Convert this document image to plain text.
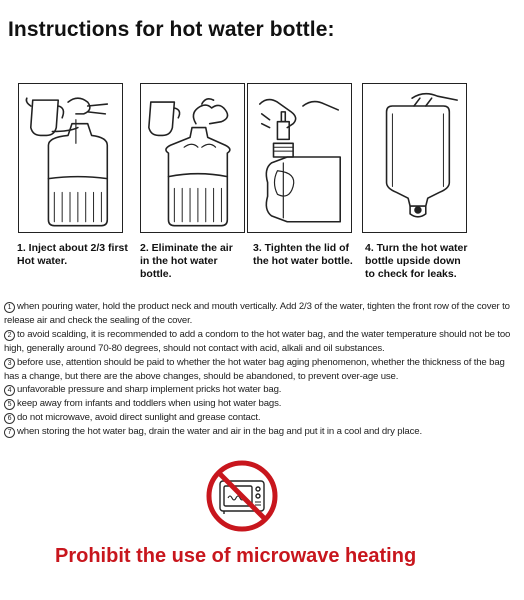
Instructions for hot water bottle:
1. Inject about 2/3 first
Hot water.
2. Eliminate the air
in the hot water
bottle.
3. Tighten the lid of
the hot water bottle.
4. Turn the hot water
bottle upside down
to check for leaks.
1 when pouring water, hold the product neck and mouth vertically. Add 2/3 of the water, tighten the front row of the cover to release air and check the sealing of the cover.
2 to avoid scalding, it is recommended to add a condom to the hot water bag, and the water temperature should not be too high, generally around 70-80 degrees, should not contact with acid, alkali and oil substances.
3 before use, attention should be paid to whether the hot water bag aging phenomenon, whether the thickness of the bag has a change, but there are the above changes, should be abandoned, to prevent over-age use.
4 unfavorable pressure and sharp implement pricks hot water bag.
5 keep away from infants and toddlers when using hot water bags.
6 do not microwave, avoid direct sunlight and grease contact.
7 when storing the hot water bag, drain the water and air in the bag and put it in a cool and dry place.
Prohibit the use of microwave heating
